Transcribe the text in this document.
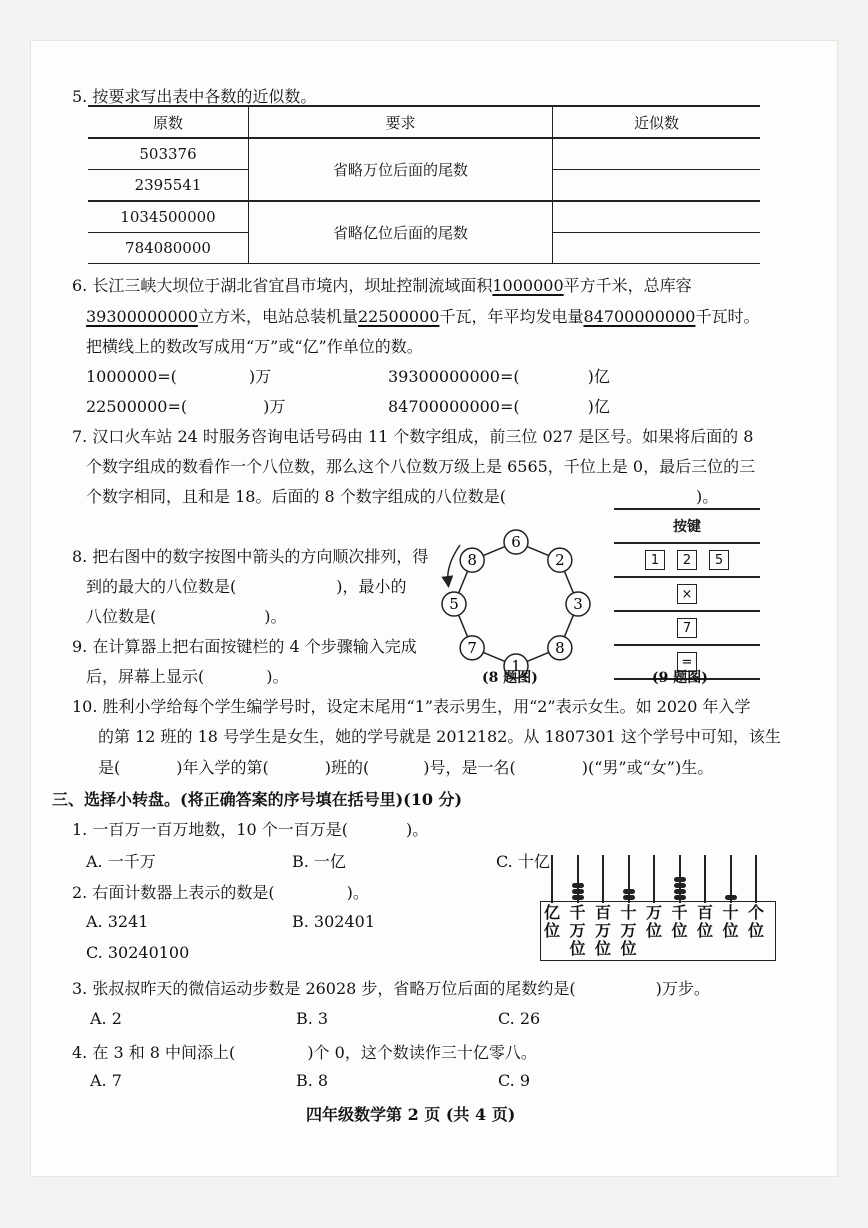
5. 按要求写出表中各数的近似数。
原数	要求	近似数
503376	省略万位后面的尾数	
2395541		
1034500000	省略亿位后面的尾数	
784080000		
6. 长江三峡大坝位于湖北省宜昌市境内，坝址控制流域面积1000000平方千米，总库容
39300000000立方米，电站总装机量22500000千瓦，年平均发电量84700000000千瓦时。
把横线上的数改写成用“万”或“亿”作单位的数。
1000000=(	)万	39300000000=(	)亿
22500000=(	)万	84700000000=(	)亿
7. 汉口火车站 24 时服务咨询电话号码由 11 个数字组成，前三位 027 是区号。如果将后面的 8
个数字组成的数看作一个八位数，那么这个八位数万级上是 6565，千位上是 0，最后三位的三
个数字相同，且和是 18。后面的 8 个数字组成的八位数是(	)。
8. 把右图中的数字按图中箭头的方向顺次排列，得
到的最大的八位数是(	)，最小的
八位数是(	)。
6
2
3
8
1
7
5
8
(8 题图)
按键
1	2	5
×
7
=
(9 题图)
9. 在计算器上把右面按键栏的 4 个步骤输入完成
后，屏幕上显示(	)。
10. 胜利小学给每个学生编学号时，设定末尾用“1”表示男生，用“2”表示女生。如 2020 年入学
的第 12 班的 18 号学生是女生，她的学号就是 2012182。从 1807301 这个学号中可知，该生
是(	)年入学的第(	)班的(	)号，是一名(	)(“男”或“女”)生。
三、选择小转盘。(将正确答案的序号填在括号里)(10 分)
1. 一百万一百万地数，10 个一百万是(	)。
A. 一千万	B. 一亿	C. 十亿
2. 右面计数器上表示的数是(	)。
A. 3241	B. 302401
C. 30240100
亿
位
千
万
位
百
万
位
十
万
位
万
位
千
位
百
位
十
位
个
位
3. 张叔叔昨天的微信运动步数是 26028 步，省略万位后面的尾数约是(	)万步。
A. 2	B. 3	C. 26
4. 在 3 和 8 中间添上(	)个 0，这个数读作三十亿零八。
A. 7	B. 8	C. 9
四年级数学第 2 页 (共 4 页)
